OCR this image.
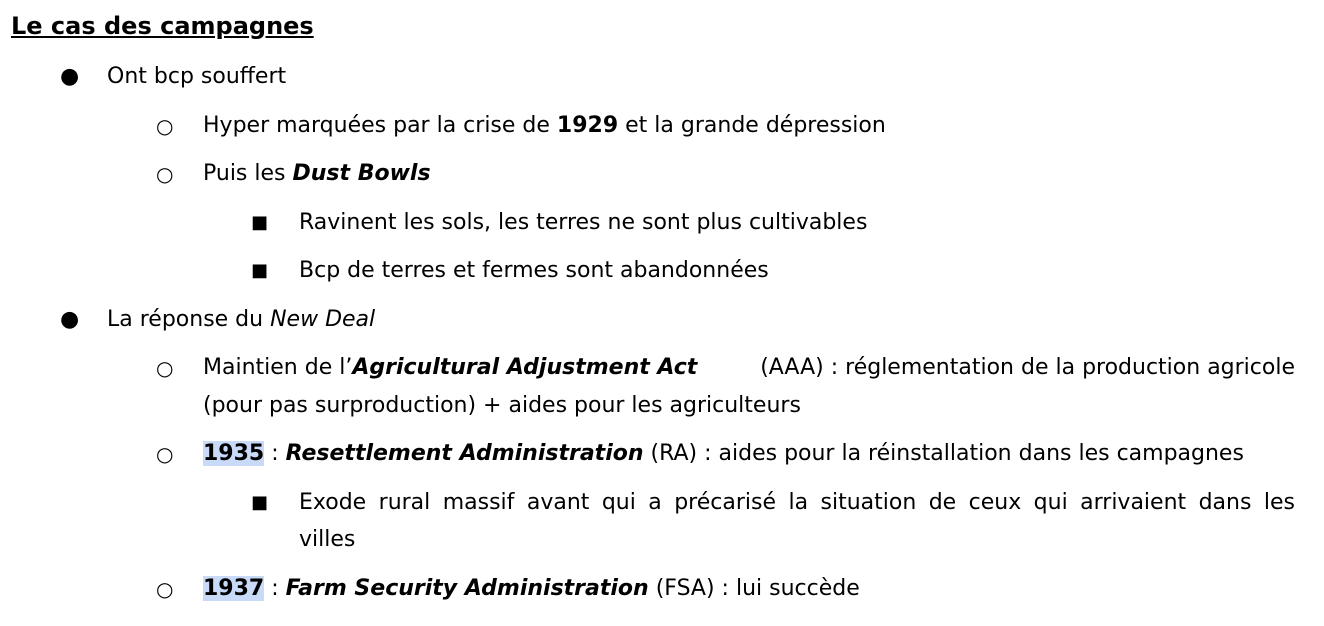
Le cas des campagnes
● Ont bcp souffert
○ Hyper marquées par la crise de 1929 et la grande dépression
○ Puis les Dust Bowls
■ Ravinent les sols, les terres ne sont plus cultivables
■ Bcp de terres et fermes sont abandonnées
● La réponse du New Deal
○ Maintien de l’Agricultural Adjustment Act	(AAA) : réglementation de la production agricole
(pour pas surproduction) + aides pour les agriculteurs
○ 1935 : Resettlement Administration (RA) : aides pour la réinstallation dans les campagnes
■ Exode rural massif avant qui a précarisé la situation de ceux qui arrivaient dans les
villes
○ 1937 : Farm Security Administration (FSA) : lui succède
